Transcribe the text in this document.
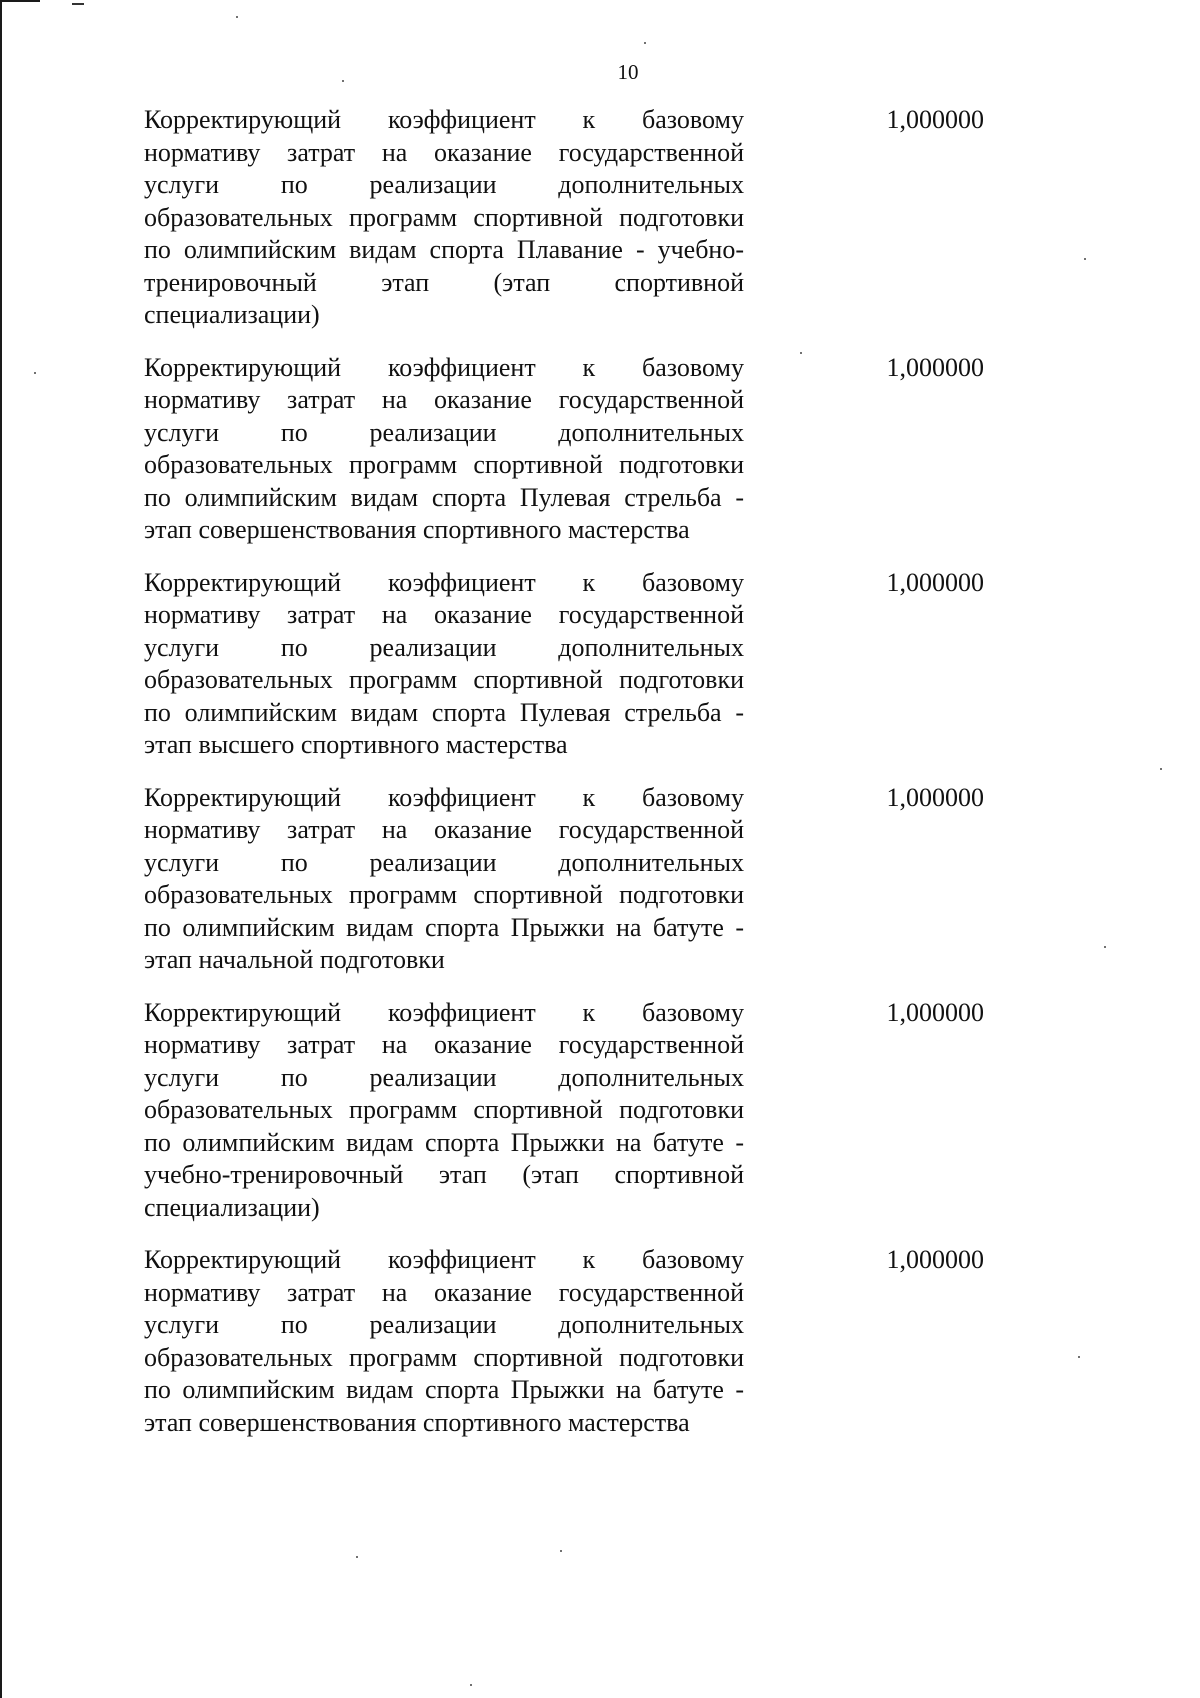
10
Корректирующий коэффициент к базовому нормативу затрат на оказание государственной услуги по реализации дополнительных образовательных программ спортивной подготовки по олимпийским видам спорта Плавание - учебно-тренировочный этап (этап спортивной специализации)
1,000000
Корректирующий коэффициент к базовому нормативу затрат на оказание государственной услуги по реализации дополнительных образовательных программ спортивной подготовки по олимпийским видам спорта Пулевая стрельба - этап совершенствования спортивного мастерства
1,000000
Корректирующий коэффициент к базовому нормативу затрат на оказание государственной услуги по реализации дополнительных образовательных программ спортивной подготовки по олимпийским видам спорта Пулевая стрельба - этап высшего спортивного мастерства
1,000000
Корректирующий коэффициент к базовому нормативу затрат на оказание государственной услуги по реализации дополнительных образовательных программ спортивной подготовки по олимпийским видам спорта Прыжки на батуте - этап начальной подготовки
1,000000
Корректирующий коэффициент к базовому нормативу затрат на оказание государственной услуги по реализации дополнительных образовательных программ спортивной подготовки по олимпийским видам спорта Прыжки на батуте - учебно-тренировочный этап (этап спортивной специализации)
1,000000
Корректирующий коэффициент к базовому нормативу затрат на оказание государственной услуги по реализации дополнительных образовательных программ спортивной подготовки по олимпийским видам спорта Прыжки на батуте - этап совершенствования спортивного мастерства
1,000000
